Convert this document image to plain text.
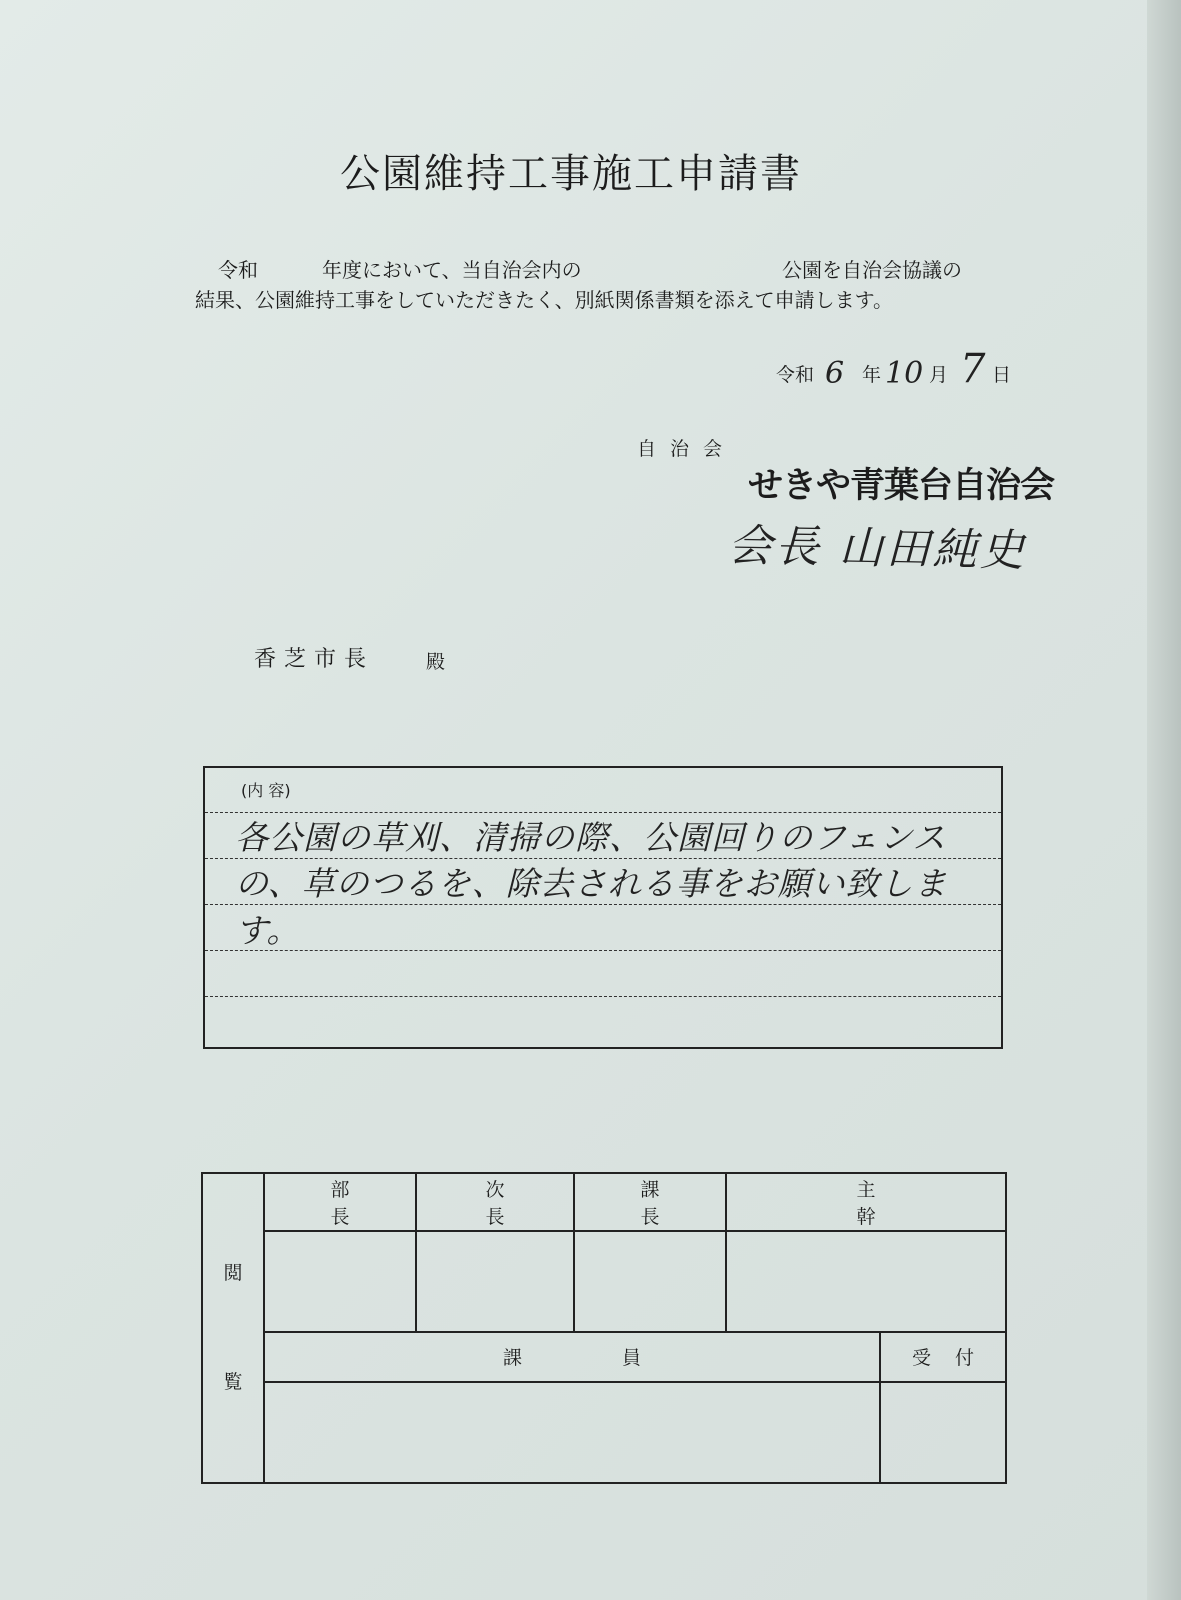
公園維持工事施工申請書
令和	年度において、当自治会内の	公園を自治会協議の
結果、公園維持工事をしていただきたく、別紙関係書類を添えて申請します。
令和 6 年 10 月 7 日
自治会
せきや青葉台自治会
会長 山田純史
香芝市長	殿
(内 容)
各公園の草刈、清掃の際、公園回りのフェンス
の、草のつるを、除去される事をお願い致します。
閲
覧	部長	次長	課長	主幹	

	課員				受付
